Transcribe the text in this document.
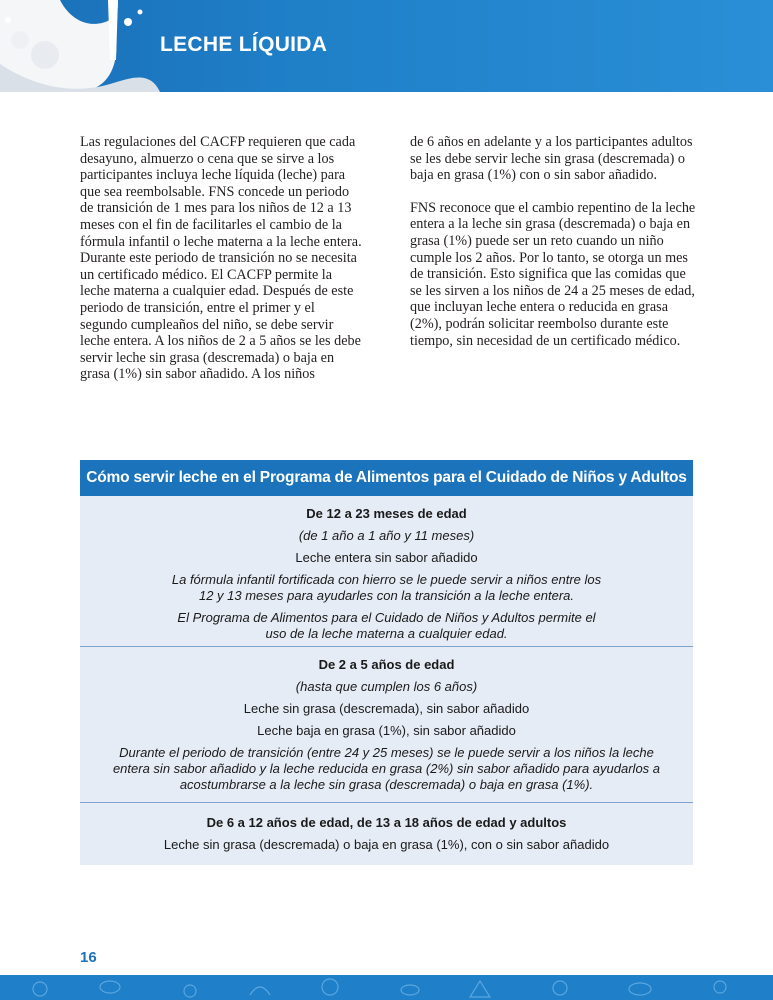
LECHE LÍQUIDA

Las regulaciones del CACFP requieren que cada desayuno, almuerzo o cena que se sirve a los participantes incluya leche líquida (leche) para que sea reembolsable. FNS concede un periodo de transición de 1 mes para los niños de 12 a 13 meses con el fin de facilitarles el cambio de la fórmula infantil o leche materna a la leche entera. Durante este periodo de transición no se necesita un certificado médico. El CACFP permite la leche materna a cualquier edad. Después de este periodo de transición, entre el primer y el segundo cumpleaños del niño, se debe servir leche entera. A los niños de 2 a 5 años se les debe servir leche sin grasa (descremada) o baja en grasa (1%) sin sabor añadido. A los niños

de 6 años en adelante y a los participantes adultos se les debe servir leche sin grasa (descremada) o baja en grasa (1%) con o sin sabor añadido.

FNS reconoce que el cambio repentino de la leche entera a la leche sin grasa (descremada) o baja en grasa (1%) puede ser un reto cuando un niño cumple los 2 años. Por lo tanto, se otorga un mes de transición. Esto significa que las comidas que se les sirven a los niños de 24 a 25 meses de edad, que incluyan leche entera o reducida en grasa (2%), podrán solicitar reembolso durante este tiempo, sin necesidad de un certificado médico.

Cómo servir leche en el Programa de Alimentos para el Cuidado de Niños y Adultos
De 12 a 23 meses de edad
(de 1 año a 1 año y 11 meses)
Leche entera sin sabor añadido
La fórmula infantil fortificada con hierro se le puede servir a niños entre los 12 y 13 meses para ayudarles con la transición a la leche entera.
El Programa de Alimentos para el Cuidado de Niños y Adultos permite el uso de la leche materna a cualquier edad.
De 2 a 5 años de edad
(hasta que cumplen los 6 años)
Leche sin grasa (descremada), sin sabor añadido
Leche baja en grasa (1%), sin sabor añadido
Durante el periodo de transición (entre 24 y 25 meses) se le puede servir a los niños la leche entera sin sabor añadido y la leche reducida en grasa (2%) sin sabor añadido para ayudarlos a acostumbrarse a la leche sin grasa (descremada) o baja en grasa (1%).
De 6 a 12 años de edad, de 13 a 18 años de edad y adultos
Leche sin grasa (descremada) o baja en grasa (1%), con o sin sabor añadido
16
